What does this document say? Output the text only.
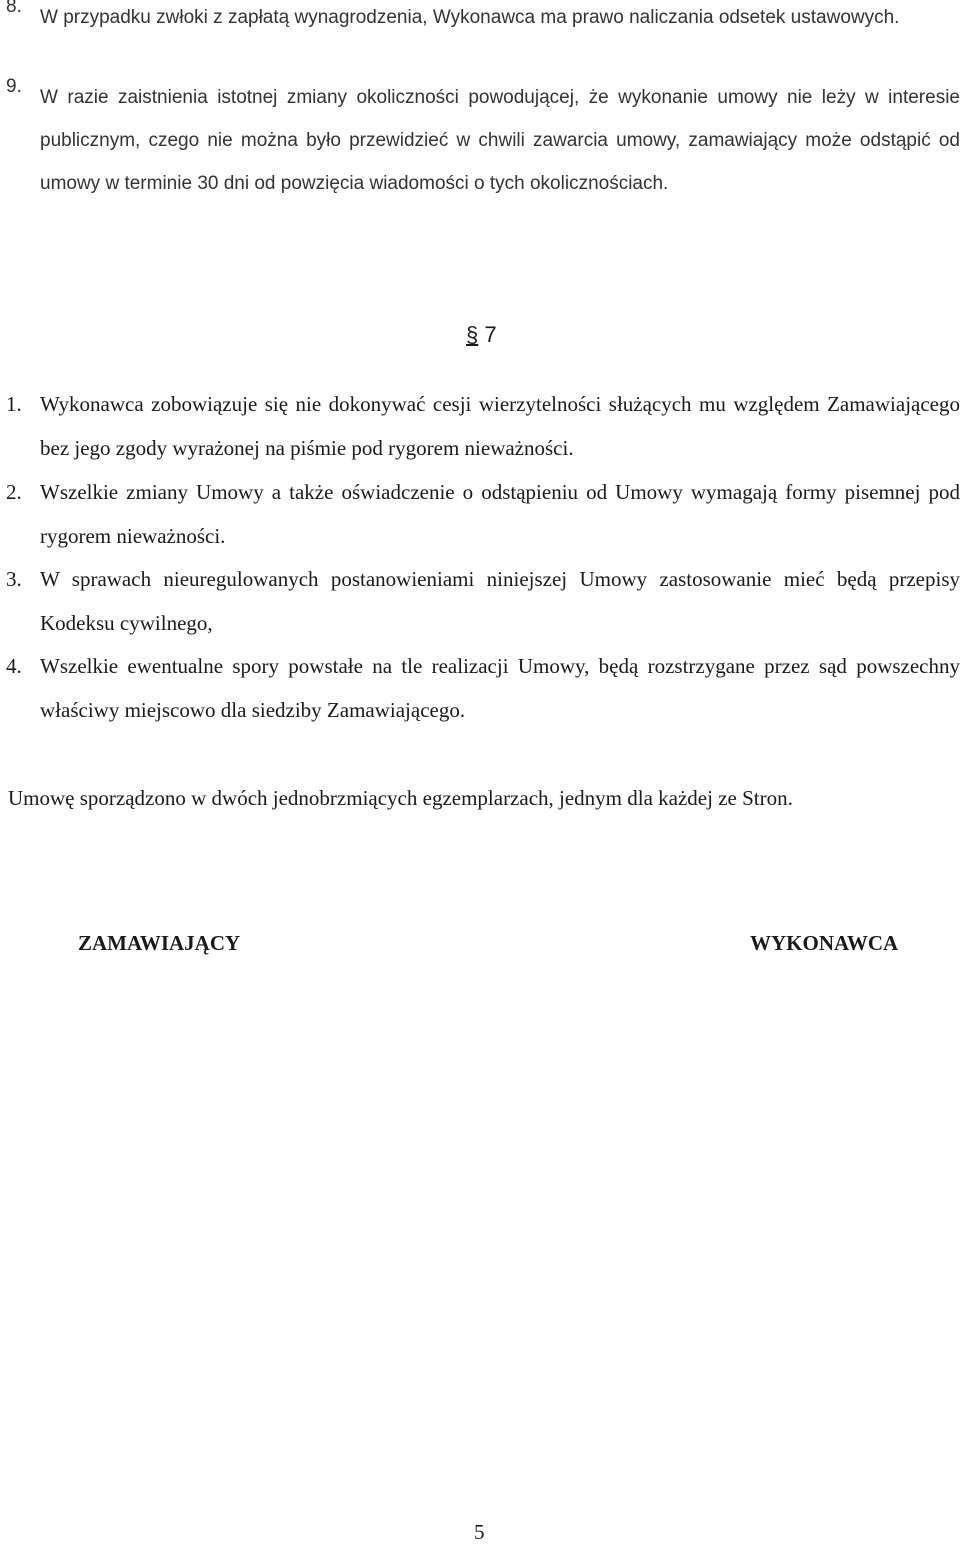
8.
W przypadku zwłoki z zapłatą wynagrodzenia, Wykonawca ma prawo naliczania odsetek ustawowych.
9.
W razie zaistnienia istotnej zmiany okoliczności powodującej, że wykonanie umowy nie leży w interesie publicznym, czego nie można było przewidzieć w chwili zawarcia umowy, zamawiający może odstąpić od umowy w terminie 30 dni od powzięcia wiadomości o tych okolicznościach.
§ 7
1. Wykonawca zobowiązuje się nie dokonywać cesji wierzytelności służących mu względem Zamawiającego bez jego zgody wyrażonej na piśmie pod rygorem nieważności.
2. Wszelkie zmiany Umowy a także oświadczenie o odstąpieniu od Umowy wymagają formy pisemnej pod rygorem nieważności.
3. W sprawach nieuregulowanych postanowieniami niniejszej Umowy zastosowanie mieć będą przepisy Kodeksu cywilnego,
4. Wszelkie ewentualne spory powstałe na tle realizacji Umowy, będą rozstrzygane przez sąd powszechny właściwy miejscowo dla siedziby Zamawiającego.
Umowę sporządzono w dwóch jednobrzmiących egzemplarzach, jednym dla każdej ze Stron.
ZAMAWIAJĄCY	WYKONAWCA
5
